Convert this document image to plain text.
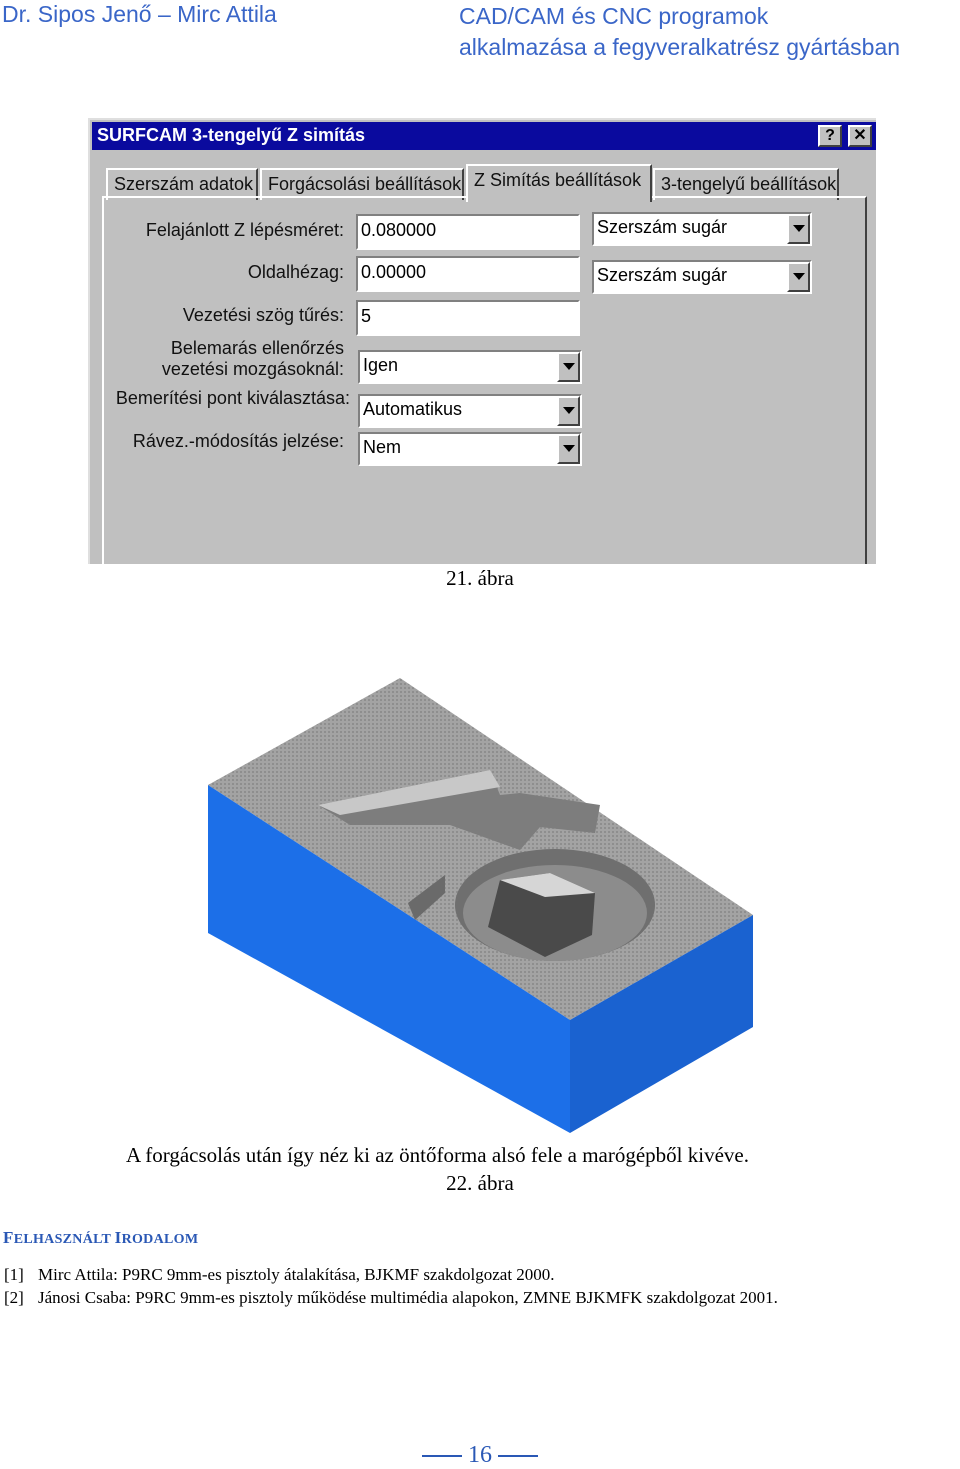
Dr. Sipos Jenő – Mirc Attila	CAD/CAM és CNC programok
alkalmazása a fegyveralkatrész gyártásban
SURFCAM 3-tengelyű Z simítás	?	✕
Szerszám adatok Forgácsolási beállítások Z Simítás beállítások	3-tengelyű beállítások
Felajánlott Z lépésméret: 0.080000	Szerszám sugár
Oldalhézag: 0.00000	Szerszám sugár
Vezetési szög tűrés: 5
Belemarás ellenőrzés
vezetési mozgásoknál: Igen
Bemerítési pont kiválasztása:
Automatikus
Rávez.-módosítás jelzése: Nem
21. ábra
A forgácsolás után így néz ki az öntőforma alsó fele a marógépből kivéve.
22. ábra
FELHASZNÁLT IRODALOM
[1] Mirc Attila: P9RC 9mm-es pisztoly átalakítása, BJKMF szakdolgozat 2000.
[2] Jánosi Csaba: P9RC 9mm-es pisztoly működése multimédia alapokon, ZMNE BJKMFK szakdolgozat 2001.
16
